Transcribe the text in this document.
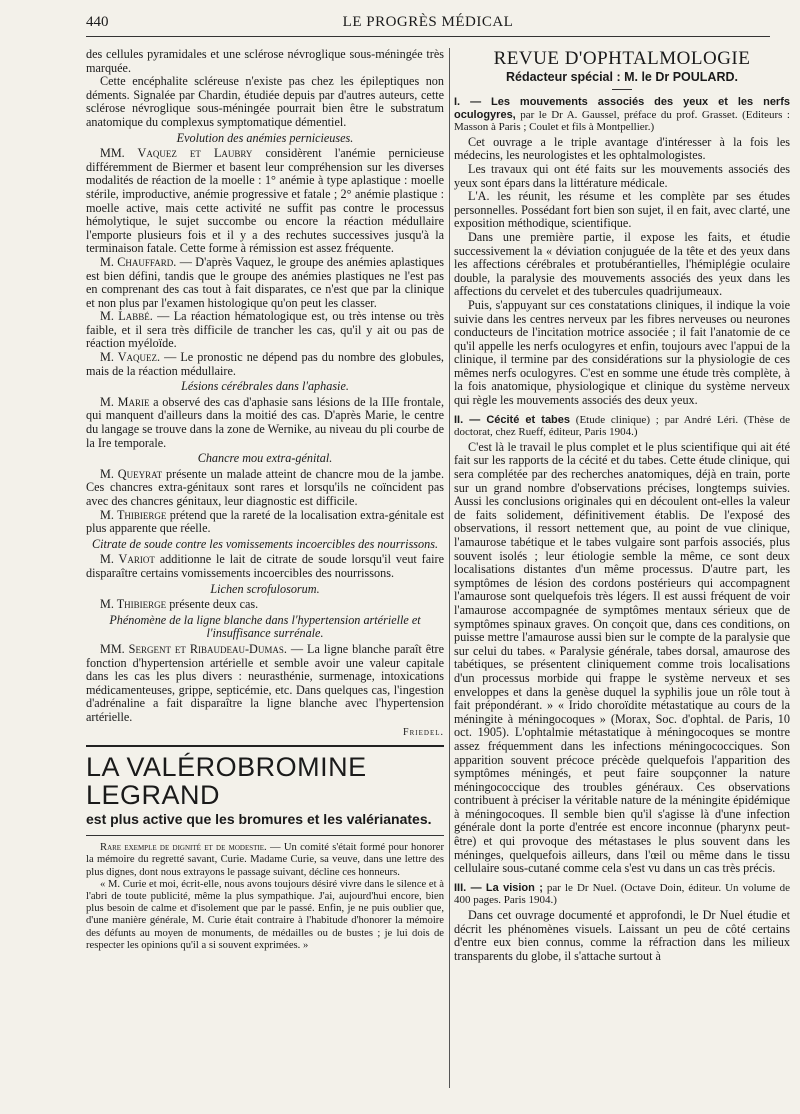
440	LE PROGRÈS MÉDICAL

des cellules pyramidales et une sclérose névroglique sous-méningée très marquée.

Cette encéphalite scléreuse n'existe pas chez les épileptiques non déments. Signalée par Chardin, étudiée depuis par d'autres auteurs, cette sclérose névroglique sous-méningée pourrait bien être le substratum anatomique du complexus symptomatique démentiel.

Evolution des anémies pernicieuses.

MM. Vaquez et Laubry considèrent l'anémie pernicieuse différemment de Biermer et basent leur compréhension sur les diverses modalités de réaction de la moelle : 1° anémie à type aplastique : moelle stérile, improductive, anémie progressive et fatale ; 2° anémie plastique : moelle active, mais cette activité ne suffit pas contre le processus hémolytique, le sujet succombe ou encore la réaction médullaire l'emporte plusieurs fois et il y a des rechutes successives jusqu'à la terminaison fatale. Cette forme à rémission est assez fréquente.

M. Chauffard. — D'après Vaquez, le groupe des anémies aplastiques est bien défini, tandis que le groupe des anémies plastiques ne l'est pas en comprenant des cas tout à fait disparates, ce n'est que par la clinique et non plus par l'examen histologique qu'on peut les classer.

M. Labbé. — La réaction hématologique est, ou très intense ou très faible, et il sera très difficile de trancher les cas, qu'il y ait ou pas de réaction myéloïde.

M. Vaquez. — Le pronostic ne dépend pas du nombre des globules, mais de la réaction médullaire.

Lésions cérébrales dans l'aphasie.

M. Marie a observé des cas d'aphasie sans lésions de la IIIe frontale, qui manquent d'ailleurs dans la moitié des cas. D'après Marie, le centre du langage se trouve dans la zone de Wernike, au niveau du pli courbe de la Ire temporale.

Chancre mou extra-génital.

M. Queyrat présente un malade atteint de chancre mou de la jambe. Ces chancres extra-génitaux sont rares et lorsqu'ils ne coïncident pas avec des chancres génitaux, leur diagnostic est difficile.

M. Thibierge prétend que la rareté de la localisation extra-génitale est plus apparente que réelle.

Citrate de soude contre les vomissements incoercibles des nourrissons.

M. Variot additionne le lait de citrate de soude lorsqu'il veut faire disparaître certains vomissements incoercibles des nourrissons.

Lichen scrofulosorum.

M. Thibierge présente deux cas.

Phénomène de la ligne blanche dans l'hypertension artérielle et l'insuffisance surrénale.

MM. Sergent et Ribaudeau-Dumas. — La ligne blanche paraît être fonction d'hypertension artérielle et semble avoir une valeur capitale dans les cas les plus divers : neurasthénie, surmenage, intoxications médicamenteuses, grippe, septicémie, etc. Dans quelques cas, l'ingestion d'adrénaline a fait disparaître la ligne blanche avec l'hypertension artérielle.

Friedel.

LA VALÉROBROMINE LEGRAND

est plus active que les bromures et les valérianates.

Rare exemple de dignité et de modestie. — Un comité s'était formé pour honorer la mémoire du regretté savant, Curie. Madame Curie, sa veuve, dans une lettre des plus dignes, dont nous extrayons le passage suivant, décline ces honneurs.

« M. Curie et moi, écrit-elle, nous avons toujours désiré vivre dans le silence et à l'abri de toute publicité, même la plus sympathique. J'ai, aujourd'hui encore, bien plus besoin de calme et d'isolement que par le passé. Enfin, je ne puis oublier que, d'une manière générale, M. Curie était contraire à l'habitude d'honorer la mémoire des défunts au moyen de monuments, de médailles ou de bustes ; je lui dois de respecter les opinions qu'il a si souvent exprimées. »

REVUE D'OPHTALMOLOGIE

Rédacteur spécial : M. le Dr POULARD.

I. — Les mouvements associés des yeux et les nerfs oculogyres, par le Dr A. Gaussel, préface du prof. Grasset. (Editeurs : Masson à Paris ; Coulet et fils à Montpellier.)

Cet ouvrage a le triple avantage d'intéresser à la fois les médecins, les neurologistes et les ophtalmologistes.

Les travaux qui ont été faits sur les mouvements associés des yeux sont épars dans la littérature médicale.

L'A. les réunit, les résume et les complète par ses études personnelles. Possédant fort bien son sujet, il en fait, avec clarté, une exposition méthodique, scientifique.

Dans une première partie, il expose les faits, et étudie successivement la « déviation conjuguée de la tête et des yeux dans les affections cérébrales et protubérantielles, l'hémiplégie oculaire double, la paralysie des mouvements associés des yeux dans les affections du cervelet et des tubercules quadrijumeaux.

Puis, s'appuyant sur ces constatations cliniques, il indique la voie suivie dans les centres nerveux par les fibres nerveuses ou neurones conducteurs de l'incitation motrice associée ; il fait l'anatomie de ce qu'il appelle les nerfs oculogyres et enfin, toujours avec l'appui de la clinique, il termine par des considérations sur la physiologie de ces mêmes nerfs oculogyres. C'est en somme une étude très complète, à la fois anatomique, physiologique et clinique du système nerveux qui règle les mouvements associés des deux yeux.

II. — Cécité et tabes (Etude clinique) ; par André Léri. (Thèse de doctorat, chez Rueff, éditeur, Paris 1904.)

C'est là le travail le plus complet et le plus scientifique qui ait été fait sur les rapports de la cécité et du tabes. Cette étude clinique, qui sera complétée par des recherches anatomiques, déjà en train, porte sur un grand nombre d'observations précises, longtemps suivies. Aussi les conclusions originales qui en découlent ont-elles la valeur de faits solidement, définitivement établis. De l'exposé des observations, il ressort nettement que, au point de vue clinique, l'amaurose tabétique et le tabes vulgaire sont parfois associés, plus souvent isolés ; leur étiologie semble la même, ce sont deux localisations distantes d'un même processus. D'autre part, les symptômes de lésion des cordons postérieurs qui accompagnent l'amaurose sont quelquefois très légers. Il est aussi fréquent de voir l'amaurose accompagnée de symptômes mentaux sérieux que de symptômes spinaux graves. On conçoit que, dans ces conditions, on puisse mettre l'amaurose aussi bien sur le compte de la paralysie que sur celui du tabes. « Paralysie générale, tabes dorsal, amaurose des tabétiques, se présentent cliniquement comme trois localisations d'un processus morbide qui frappe le système nerveux et ses enveloppes et dans la genèse duquel la syphilis joue un rôle tout à fait prépondérant. » « Irido choroïdite métastatique au cours de la méningite à méningocoques » (Morax, Soc. d'ophtal. de Paris, 10 oct. 1905). L'ophtalmie métastatique à méningocoques se montre assez fréquemment dans les infections méningococciques. Son apparition souvent précoce précède quelquefois l'apparition des symptômes méningés, et peut faire soupçonner la nature méningococcique des troubles généraux. Ces observations contribuent à préciser la véritable nature de la méningite épidémique à méningocoques. Il semble bien qu'il s'agisse là d'une infection générale dont la porte d'entrée est encore inconnue (pharynx peut-être) et qui provoque des métastases le plus souvent dans les méninges, quelquefois ailleurs, dans l'œil ou même dans le tissu cellulaire sous-cutané comme cela s'est vu dans un cas très précis.

III. — La vision ; par le Dr Nuel. (Octave Doin, éditeur. Un volume de 400 pages. Paris 1904.)

Dans cet ouvrage documenté et approfondi, le Dr Nuel étudie et décrit les phénomènes visuels. Laissant un peu de côté certains d'entre eux bien connus, comme la réfraction dans les milieux transparents du globe, il s'attache surtout à
